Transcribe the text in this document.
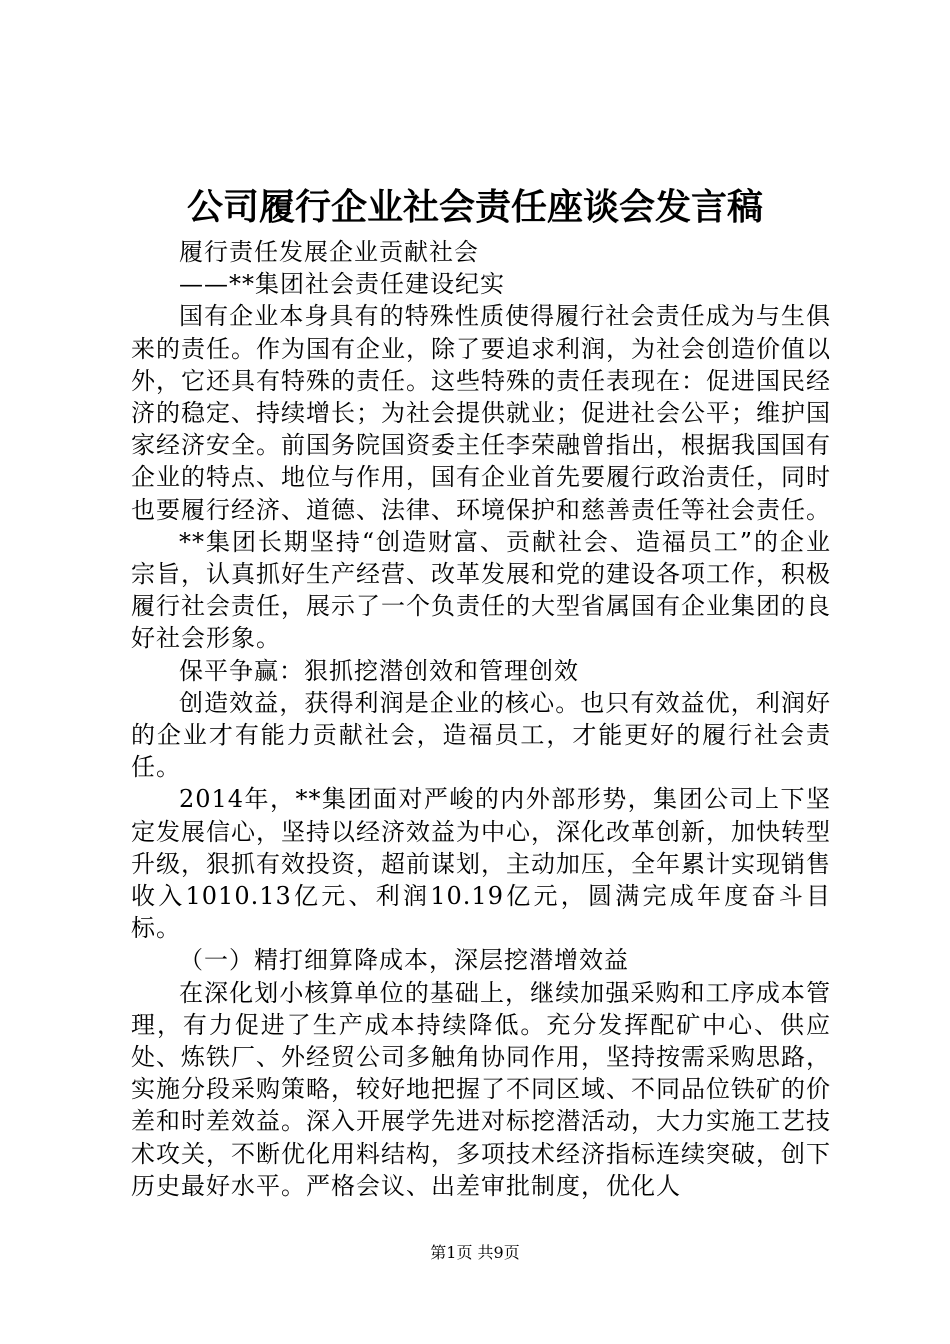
公司履行企业社会责任座谈会发言稿

履行责任发展企业贡献社会

——**集团社会责任建设纪实

国有企业本身具有的特殊性质使得履行社会责任成为与生俱来的责任。作为国有企业，除了要追求利润，为社会创造价值以外，它还具有特殊的责任。这些特殊的责任表现在：促进国民经济的稳定、持续增长；为社会提供就业；促进社会公平；维护国家经济安全。前国务院国资委主任李荣融曾指出，根据我国国有企业的特点、地位与作用，国有企业首先要履行政治责任，同时也要履行经济、道德、法律、环境保护和慈善责任等社会责任。

**集团长期坚持“创造财富、贡献社会、造福员工”的企业宗旨，认真抓好生产经营、改革发展和党的建设各项工作，积极履行社会责任，展示了一个负责任的大型省属国有企业集团的良好社会形象。

保平争赢：狠抓挖潜创效和管理创效

创造效益，获得利润是企业的核心。也只有效益优，利润好的企业才有能力贡献社会，造福员工，才能更好的履行社会责任。

2014年，**集团面对严峻的内外部形势，集团公司上下坚定发展信心，坚持以经济效益为中心，深化改革创新，加快转型升级，狠抓有效投资，超前谋划，主动加压，全年累计实现销售收入1010.13亿元、利润10.19亿元，圆满完成年度奋斗目标。

（一）精打细算降成本，深层挖潜增效益

在深化划小核算单位的基础上，继续加强采购和工序成本管理，有力促进了生产成本持续降低。充分发挥配矿中心、供应处、炼铁厂、外经贸公司多触角协同作用，坚持按需采购思路，实施分段采购策略，较好地把握了不同区域、不同品位铁矿的价差和时差效益。深入开展学先进对标挖潜活动，大力实施工艺技术攻关，不断优化用料结构，多项技术经济指标连续突破，创下历史最好水平。严格会议、出差审批制度，优化人

第1页 共9页
